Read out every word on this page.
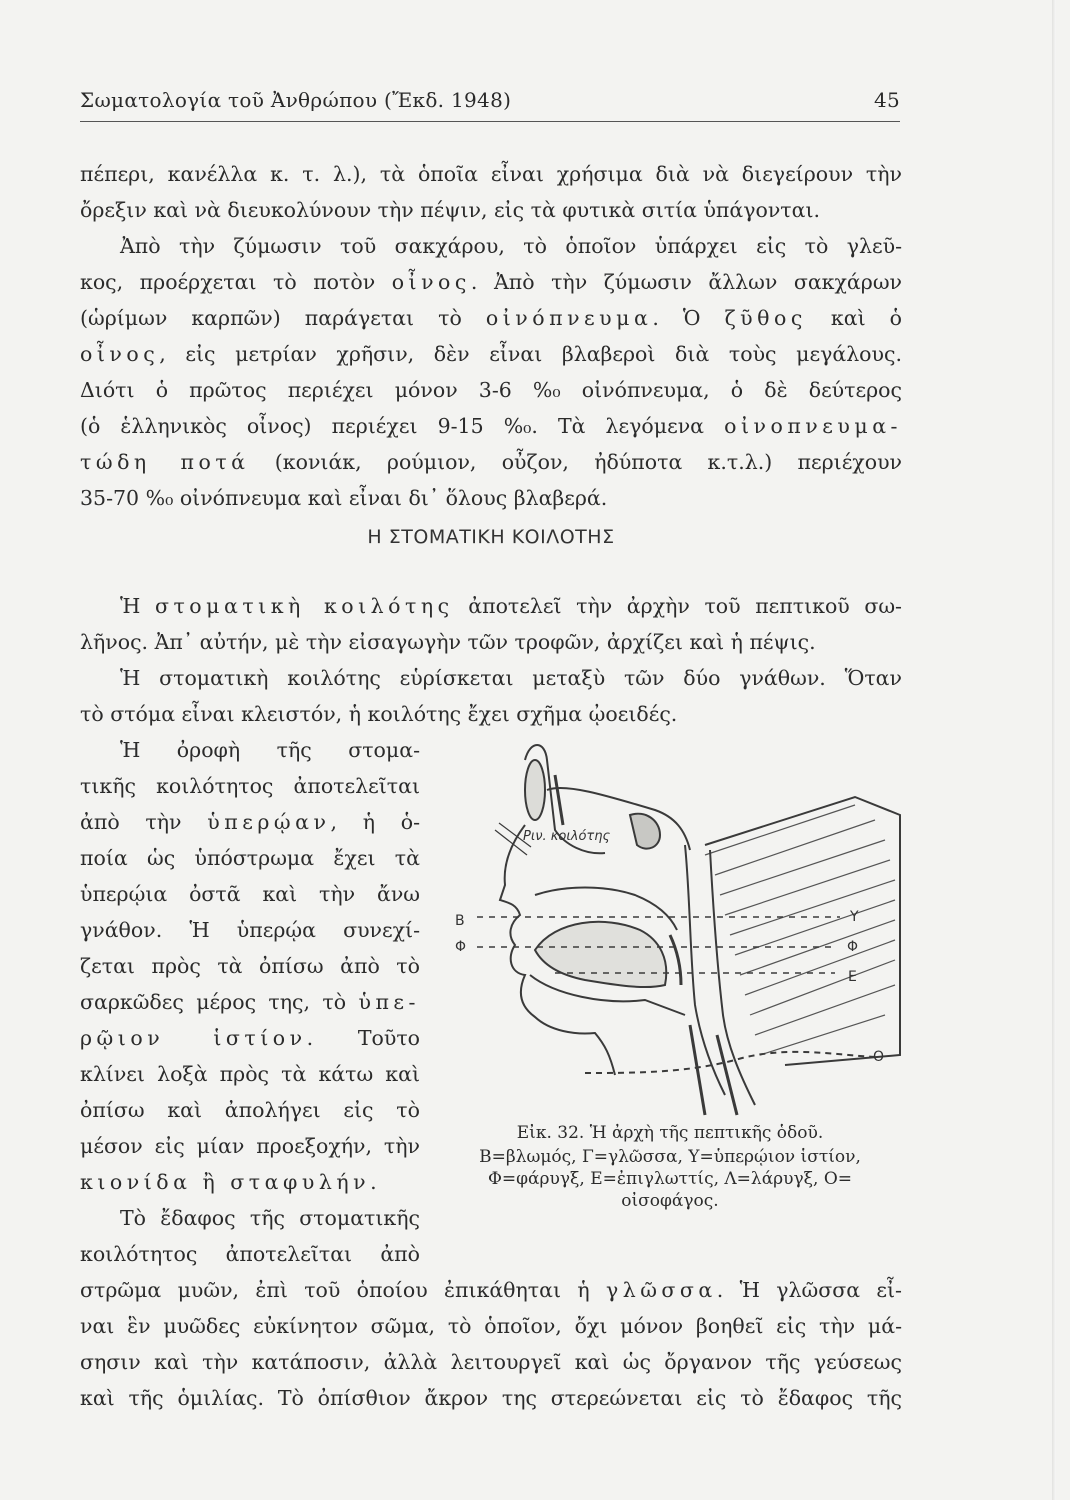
Σωματολογία τοῦ Ἀνθρώπου (Ἔκδ. 1948)	45
πέπερι, κανέλλα κ. τ. λ.), τὰ ὁποῖα εἶναι χρήσιμα διὰ νὰ διεγείρουν τὴν
ὄρεξιν καὶ νὰ διευκολύνουν τὴν πέψιν, εἰς τὰ φυτικὰ σιτία ὑπάγονται.
Ἀπὸ τὴν ζύμωσιν τοῦ σακχάρου, τὸ ὁποῖον ὑπάρχει εἰς τὸ γλεῦ-
κος, προέρχεται τὸ ποτὸν οἶνος. Ἀπὸ τὴν ζύμωσιν ἄλλων σακχάρων
(ὡρίμων καρπῶν) παράγεται τὸ οἰνόπνευμα. Ὁ ζῦθος καὶ ὁ
οἶνος, εἰς μετρίαν χρῆσιν, δὲν εἶναι βλαβεροὶ διὰ τοὺς μεγάλους.
Διότι ὁ πρῶτος περιέχει μόνον 3-6 %₀ οἰνόπνευμα, ὁ δὲ δεύτερος
(ὁ ἑλληνικὸς οἶνος) περιέχει 9-15 %₀. Τὰ λεγόμενα οἰνοπνευμα-
τώδη ποτά (κονιάκ, ρούμιον, οὖζον, ἠδύποτα κ.τ.λ.) περιέχουν
35-70 %₀ οἰνόπνευμα καὶ εἶναι δι᾽ ὅλους βλαβερά.
Η ΣΤΟΜΑΤΙΚΗ ΚΟΙΛΟΤΗΣ
Ἡ στοματικὴ κοιλότης ἀποτελεῖ τὴν ἀρχὴν τοῦ πεπτικοῦ σω-
λῆνος. Ἀπ᾽ αὐτήν, μὲ τὴν εἰσαγωγὴν τῶν τροφῶν, ἀρχίζει καὶ ἡ πέψις.
Ἡ στοματικὴ κοιλότης εὑρίσκεται μεταξὺ τῶν δύο γνάθων. Ὅταν
τὸ στόμα εἶναι κλειστόν, ἡ κοιλότης ἔχει σχῆμα ᾠοειδές.
Ἡ ὀροφὴ τῆς στομα-
τικῆς κοιλότητος ἀποτελεῖται
ἀπὸ τὴν ὑπερῴαν, ἡ ὁ-
ποία ὡς ὑπόστρωμα ἔχει τὰ
ὑπερῴια ὀστᾶ καὶ τὴν ἄνω
γνάθον. Ἡ ὑπερῴα συνεχί-
ζεται πρὸς τὰ ὀπίσω ἀπὸ τὸ
σαρκῶδες μέρος της, τὸ ὑπε-
ρῷιον ἱστίον. Τοῦτο
κλίνει λοξὰ πρὸς τὰ κάτω καὶ
ὀπίσω καὶ ἀπολήγει εἰς τὸ
μέσον εἰς μίαν προεξοχήν, τὴν
κιονίδα ἢ σταφυλήν.
Τὸ ἔδαφος τῆς στοματικῆς
κοιλότητος ἀποτελεῖται ἀπὸ
στρῶμα μυῶν, ἐπὶ τοῦ ὁποίου ἐπικάθηται ἡ γλῶσσα. Ἡ γλῶσσα εἶ-
ναι ἓν μυῶδες εὐκίνητον σῶμα, τὸ ὁποῖον, ὄχι μόνον βοηθεῖ εἰς τὴν μά-
σησιν καὶ τὴν κατάποσιν, ἀλλὰ λειτουργεῖ καὶ ὡς ὄργανον τῆς γεύσεως
καὶ τῆς ὁμιλίας. Τὸ ὀπίσθιον ἄκρον της στερεώνεται εἰς τὸ ἔδαφος τῆς
Ριν. κοιλότης
Β
Φ
Υ
Φ
Ε
Ο
Εἰκ. 32. Ἡ ἀρχὴ τῆς πεπτικῆς ὁδοῦ.
Β=βλωμός, Γ=γλῶσσα, Υ=ὑπερῴιον ἱστίον,
Φ=φάρυγξ, Ε=ἐπιγλωττίς, Λ=λάρυγξ, Ο=
οἰσοφάγος.
